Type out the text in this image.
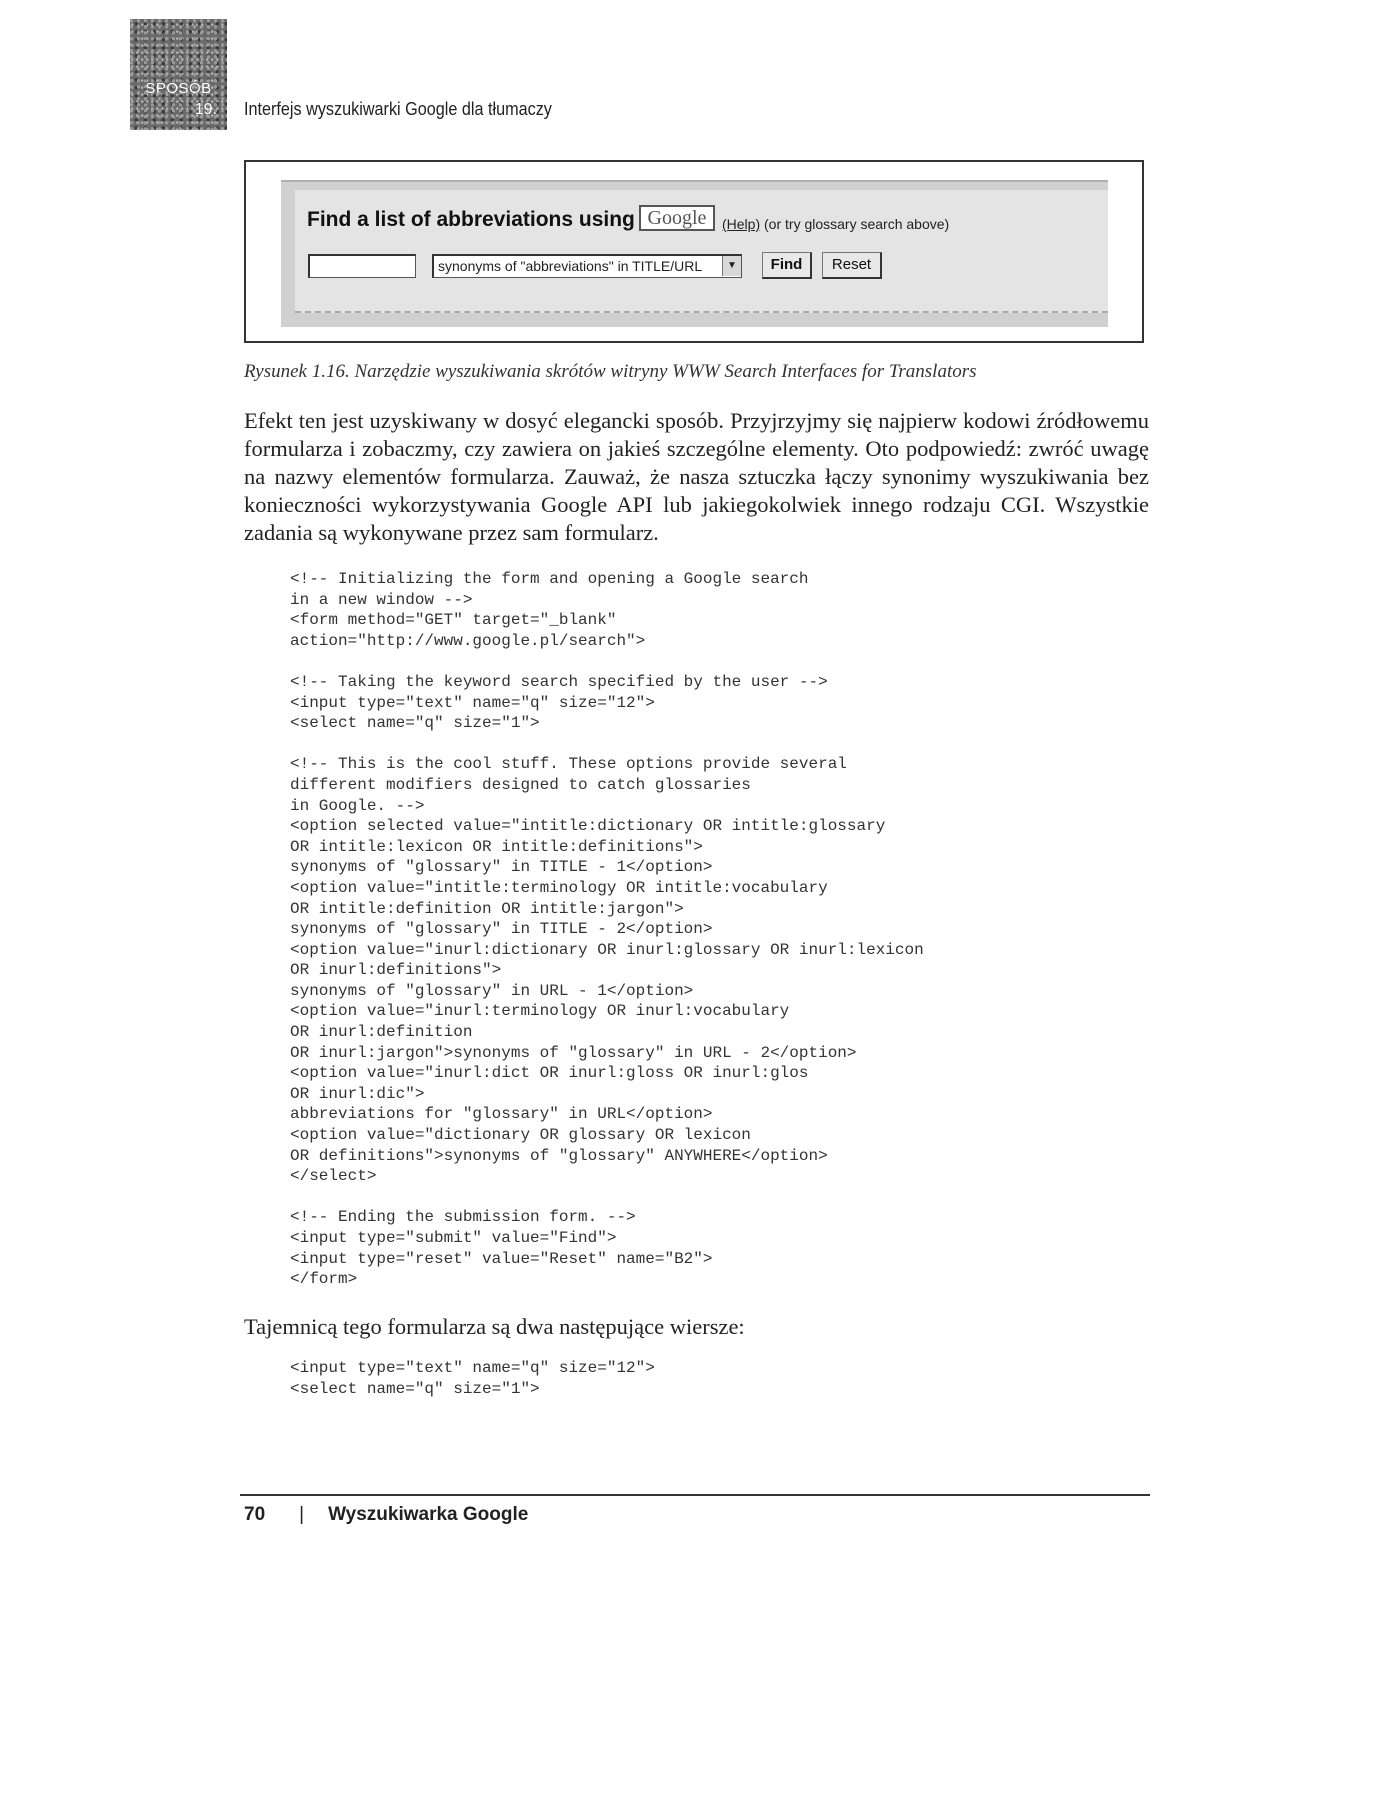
SPOSÓB
19. Interfejs wyszukiwarki Google dla tłumaczy
Find a list of abbreviations using Google	(Help) (or try glossary search above)
synonyms of "abbreviations" in TITLE/URL	▼	Find	Reset
Rysunek 1.16. Narzędzie wyszukiwania skrótów witryny WWW Search Interfaces for Translators
Efekt ten jest uzyskiwany w dosyć elegancki sposób. Przyjrzyjmy się najpierw kodowi źródłowemu formularza i zobaczmy, czy zawiera on jakieś szczególne elementy. Oto podpowiedź: zwróć uwagę na nazwy elementów formularza. Zauważ, że nasza sztuczka łączy synonimy wyszukiwania bez konieczności wykorzystywania Google API lub jakiegokolwiek innego rodzaju CGI. Wszystkie zadania są wykonywane przez sam formularz.
<!-- Initializing the form and opening a Google search
in a new window -->
<form method="GET" target="_blank"
action="http://www.google.pl/search">

<!-- Taking the keyword search specified by the user -->
<input type="text" name="q" size="12">
<select name="q" size="1">

<!-- This is the cool stuff. These options provide several
different modifiers designed to catch glossaries
in Google. -->
<option selected value="intitle:dictionary OR intitle:glossary
OR intitle:lexicon OR intitle:definitions">
synonyms of "glossary" in TITLE - 1</option>
<option value="intitle:terminology OR intitle:vocabulary
OR intitle:definition OR intitle:jargon">
synonyms of "glossary" in TITLE - 2</option>
<option value="inurl:dictionary OR inurl:glossary OR inurl:lexicon
OR inurl:definitions">
synonyms of "glossary" in URL - 1</option>
<option value="inurl:terminology OR inurl:vocabulary
OR inurl:definition
OR inurl:jargon">synonyms of "glossary" in URL - 2</option>
<option value="inurl:dict OR inurl:gloss OR inurl:glos
OR inurl:dic">
abbreviations for "glossary" in URL</option>
<option value="dictionary OR glossary OR lexicon
OR definitions">synonyms of "glossary" ANYWHERE</option>
</select>

<!-- Ending the submission form. -->
<input type="submit" value="Find">
<input type="reset" value="Reset" name="B2">
</form>
Tajemnicą tego formularza są dwa następujące wiersze:
<input type="text" name="q" size="12">
<select name="q" size="1">
70 | Wyszukiwarka Google
